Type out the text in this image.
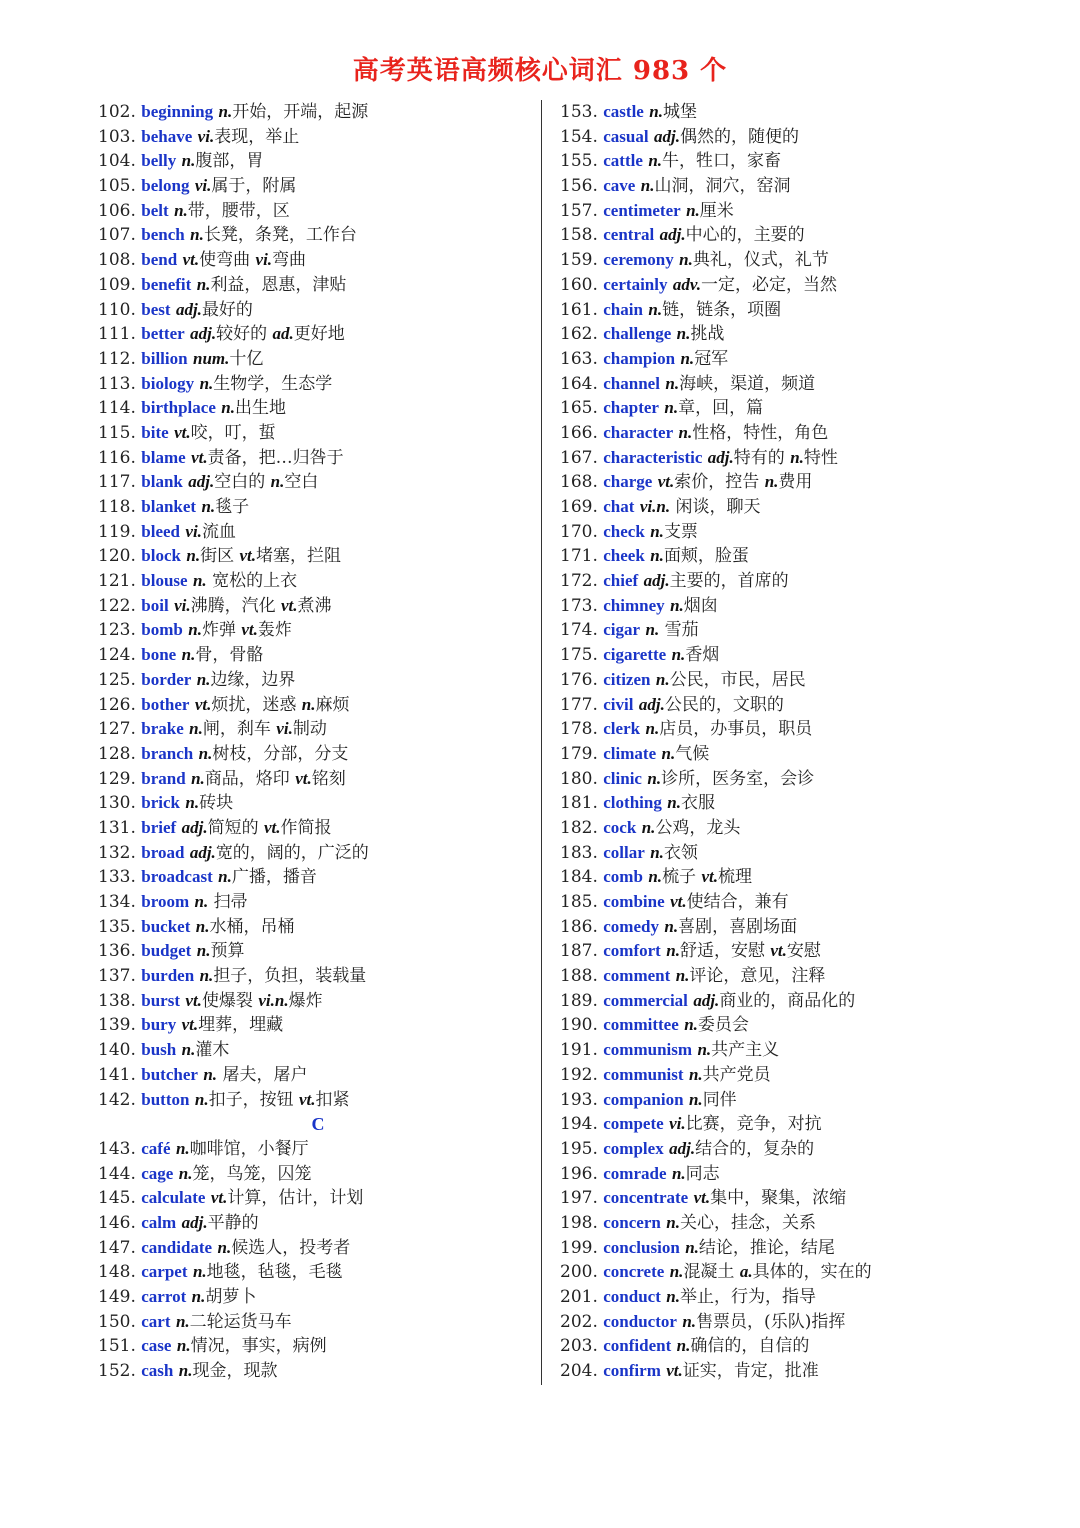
高考英语高频核心词汇 983 个
102. beginning n.开始，开端，起源
103. behave vi.表现，举止
104. belly n.腹部，胃
105. belong vi.属于，附属
106. belt n.带，腰带，区
107. bench n.长凳，条凳，工作台
108. bend vt.使弯曲 vi.弯曲
109. benefit n.利益，恩惠，津贴
110. best adj.最好的
111. better adj.较好的 ad.更好地
112. billion num.十亿
113. biology n.生物学，生态学
114. birthplace n.出生地
115. bite vt.咬，叮，蜇
116. blame vt.责备，把…归咎于
117. blank adj.空白的 n.空白
118. blanket n.毯子
119. bleed vi.流血
120. block n.街区 vt.堵塞，拦阻
121. blouse n. 宽松的上衣
122. boil vi.沸腾，汽化 vt.煮沸
123. bomb n.炸弹 vt.轰炸
124. bone n.骨，骨骼
125. border n.边缘，边界
126. bother vt.烦扰，迷惑 n.麻烦
127. brake n.闸，刹车 vi.制动
128. branch n.树枝，分部，分支
129. brand n.商品，烙印 vt.铭刻
130. brick n.砖块
131. brief adj.简短的 vt.作简报
132. broad adj.宽的，阔的，广泛的
133. broadcast n.广播，播音
134. broom n. 扫帚
135. bucket n.水桶，吊桶
136. budget n.预算
137. burden n.担子，负担，装载量
138. burst vt.使爆裂 vi.n.爆炸
139. bury vt.埋葬，埋藏
140. bush n.灌木
141. butcher n. 屠夫，屠户
142. button n.扣子，按钮 vt.扣紧
C
143. café n.咖啡馆，小餐厅
144. cage n.笼，鸟笼，囚笼
145. calculate vt.计算，估计，计划
146. calm adj.平静的
147. candidate n.候选人，投考者
148. carpet n.地毯，毡毯，毛毯
149. carrot n.胡萝卜
150. cart n.二轮运货马车
151. case n.情况，事实，病例
152. cash n.现金，现款
153. castle n.城堡
154. casual adj.偶然的，随便的
155. cattle n.牛，牲口，家畜
156. cave n.山洞，洞穴，窑洞
157. centimeter n.厘米
158. central adj.中心的，主要的
159. ceremony n.典礼，仪式，礼节
160. certainly adv.一定，必定，当然
161. chain n.链，链条，项圈
162. challenge n.挑战
163. champion n.冠军
164. channel n.海峡，渠道，频道
165. chapter n.章，回，篇
166. character n.性格，特性，角色
167. characteristic adj.特有的 n.特性
168. charge vt.索价，控告 n.费用
169. chat vi.n. 闲谈，聊天
170. check n.支票
171. cheek n.面颊，脸蛋
172. chief adj.主要的，首席的
173. chimney n.烟囱
174. cigar n. 雪茄
175. cigarette n.香烟
176. citizen n.公民，市民，居民
177. civil adj.公民的，文职的
178. clerk n.店员，办事员，职员
179. climate n.气候
180. clinic n.诊所，医务室，会诊
181. clothing n.衣服
182. cock n.公鸡，龙头
183. collar n.衣领
184. comb n.梳子 vt.梳理
185. combine vt.使结合，兼有
186. comedy n.喜剧，喜剧场面
187. comfort n.舒适，安慰 vt.安慰
188. comment n.评论，意见，注释
189. commercial adj.商业的，商品化的
190. committee n.委员会
191. communism n.共产主义
192. communist n.共产党员
193. companion n.同伴
194. compete vi.比赛，竞争，对抗
195. complex adj.结合的，复杂的
196. comrade n.同志
197. concentrate vt.集中，聚集，浓缩
198. concern n.关心，挂念，关系
199. conclusion n.结论，推论，结尾
200. concrete n.混凝土 a.具体的，实在的
201. conduct n.举止，行为，指导
202. conductor n.售票员，(乐队)指挥
203. confident n.确信的，自信的
204. confirm vt.证实，肯定，批准
